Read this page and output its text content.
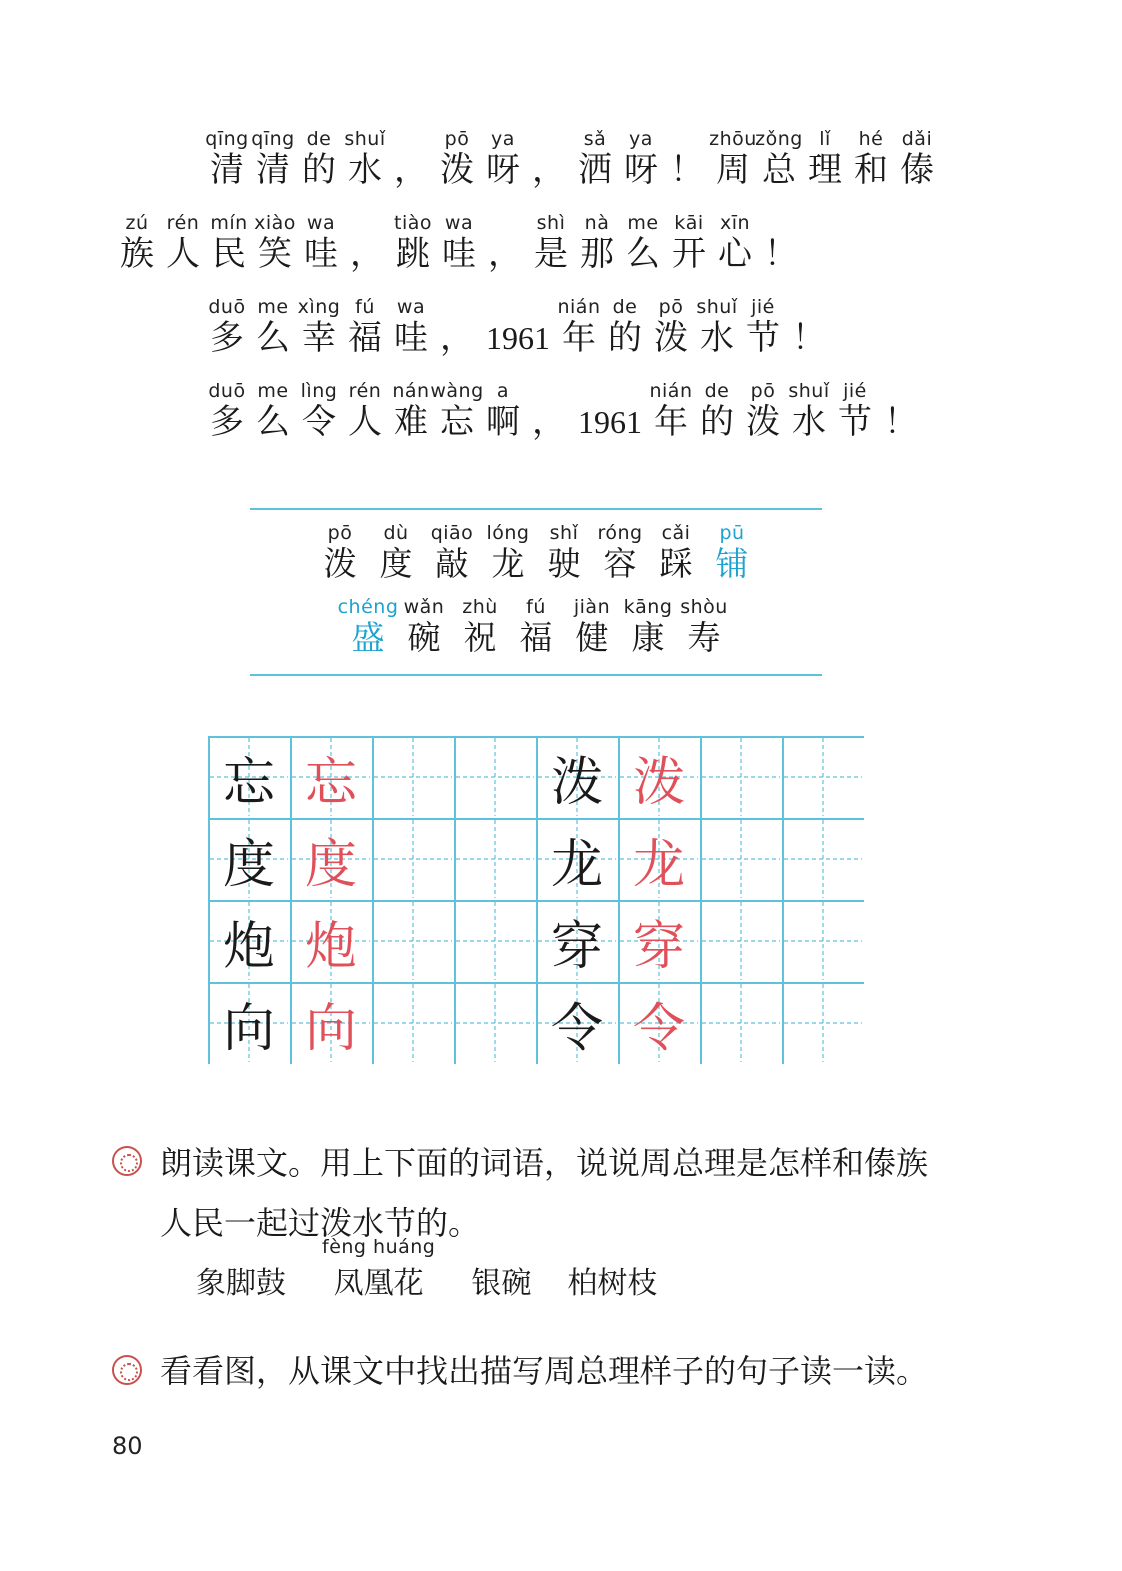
qīng
清
qīng
清
de
的
shuǐ
水 ，
pō
泼
ya
呀 ，
sǎ
洒
ya
呀 ！
zhōu
周
zǒng
总
lǐ
理
hé
和
dǎi
傣
zú
族
rén
人
mín
民
xiào
笑
wa
哇 ，
tiào
跳
wa
哇 ，
shì
是
nà
那
me
么
kāi
开
xīn
心 ！
duō
多
me
么
xìng
幸
fú
福
wa
哇 ， 1961
nián
年
de
的
pō
泼
shuǐ
水
jié
节 ！
duō
多
me
么
lìng
令
rén
人
nán
难
wàng
忘
a
啊 ， 1961
nián
年
de
的
pō
泼
shuǐ
水
jié
节 ！
pō
泼
dù
度
qiāo
敲
lóng
龙
shǐ
驶
róng
容
cǎi
踩
pū
铺
chéng
盛
wǎn
碗
zhù
祝
fú
福
jiàn
健
kāng
康
shòu
寿
忘 忘	泼 泼
度 度	龙 龙
炮 炮	穿 穿
向 向	令 令
朗读课文。用上下面的词语，说说周总理是怎样和傣族
人民一起过泼水节的。
象脚鼓
fèng huáng
凤凰花 银碗 柏树枝
看看图，从课文中找出描写周总理样子的句子读一读。
80
